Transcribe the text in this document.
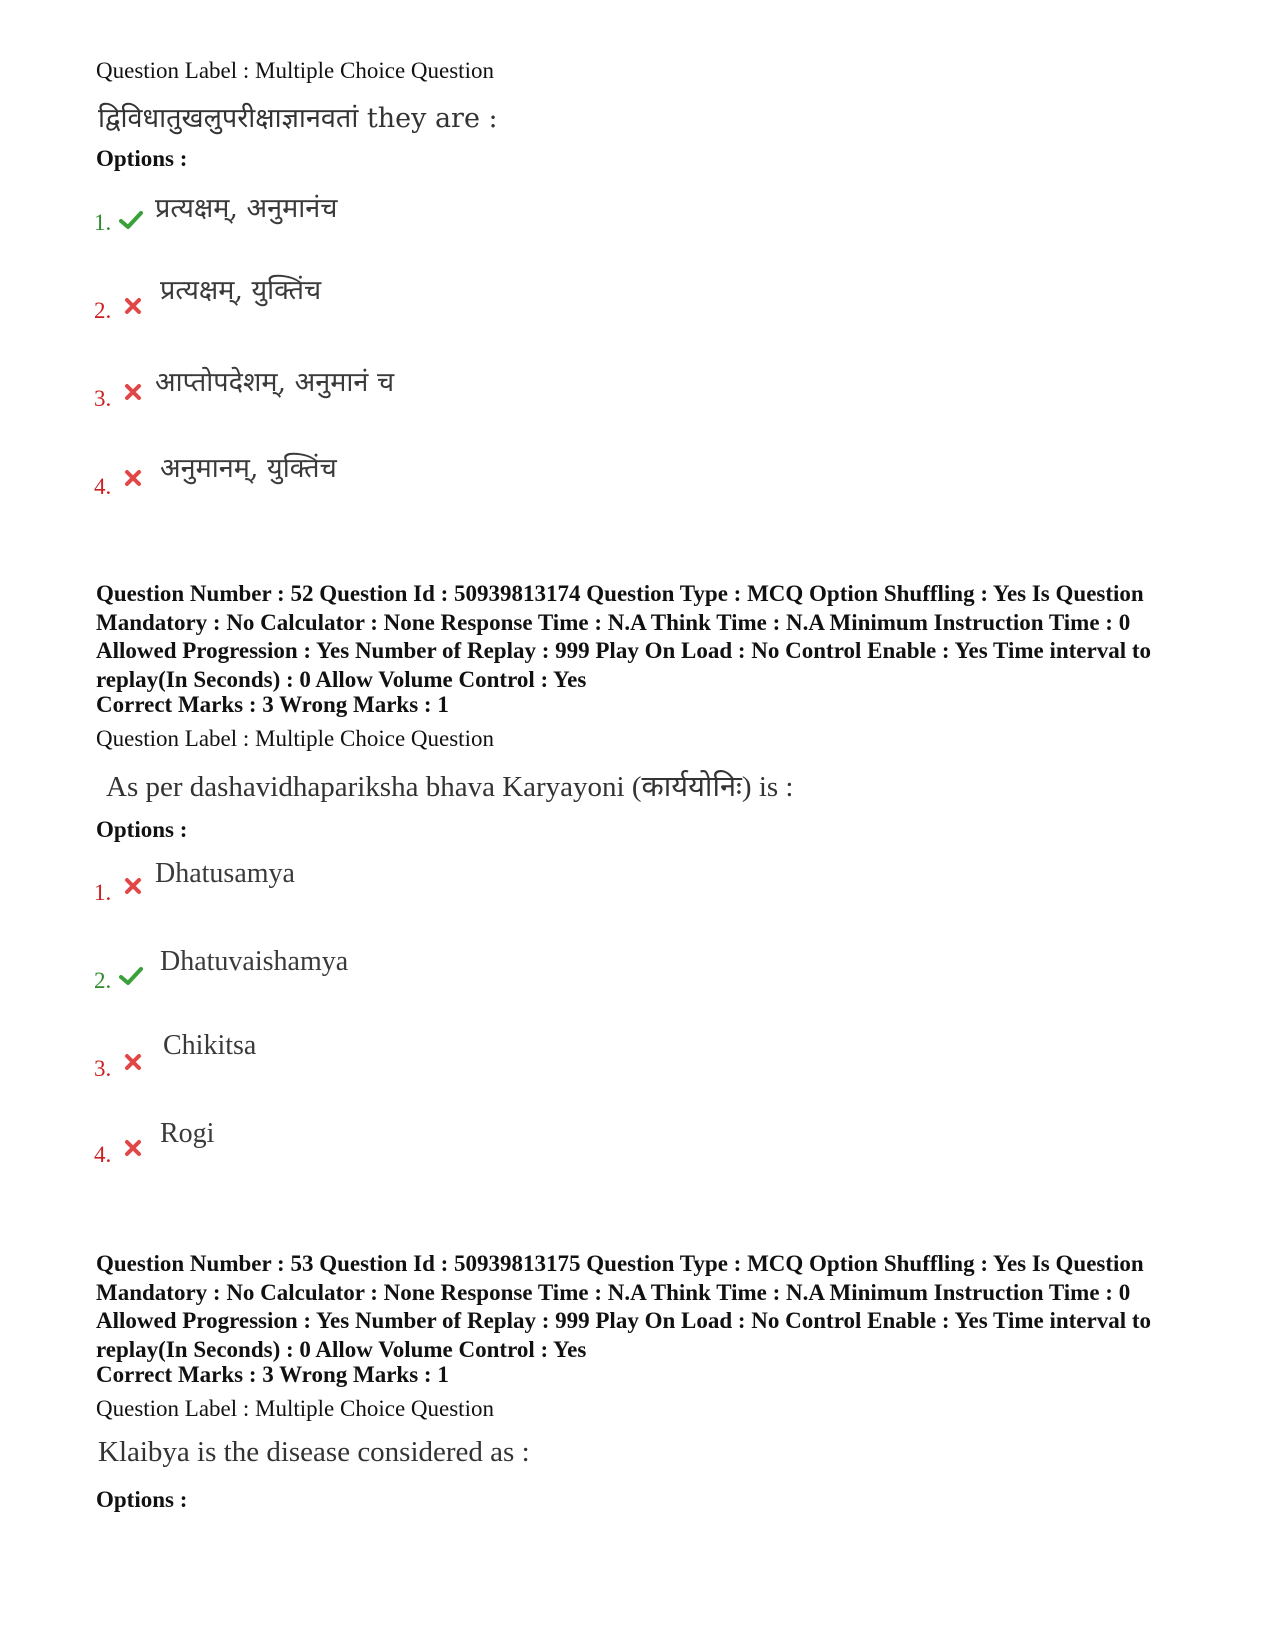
Question Label : Multiple Choice Question
द्विविधातुखलुपरीक्षाज्ञानवतां they are :
Options :
1. प्रत्यक्षम्, अनुमानंच
2.
प्रत्यक्षम्, युक्तिंच
3.
आप्तोपदेशम्, अनुमानं च
4.
अनुमानम्, युक्तिंच
Question Number : 52 Question Id : 50939813174 Question Type : MCQ Option Shuffling : Yes Is Question Mandatory : No Calculator : None Response Time : N.A Think Time : N.A Minimum Instruction Time : 0 Allowed Progression : Yes Number of Replay : 999 Play On Load : No Control Enable : Yes Time interval to replay(In Seconds) : 0 Allow Volume Control : Yes
Correct Marks : 3 Wrong Marks : 1
Question Label : Multiple Choice Question
As per dashavidhapariksha bhava Karyayoni (कार्ययोनिः) is :
Options :
1.
Dhatusamya
2.
Dhatuvaishamya
3.
Chikitsa
4.
Rogi
Question Number : 53 Question Id : 50939813175 Question Type : MCQ Option Shuffling : Yes Is Question Mandatory : No Calculator : None Response Time : N.A Think Time : N.A Minimum Instruction Time : 0 Allowed Progression : Yes Number of Replay : 999 Play On Load : No Control Enable : Yes Time interval to replay(In Seconds) : 0 Allow Volume Control : Yes
Correct Marks : 3 Wrong Marks : 1
Question Label : Multiple Choice Question
Klaibya is the disease considered as :
Options :
